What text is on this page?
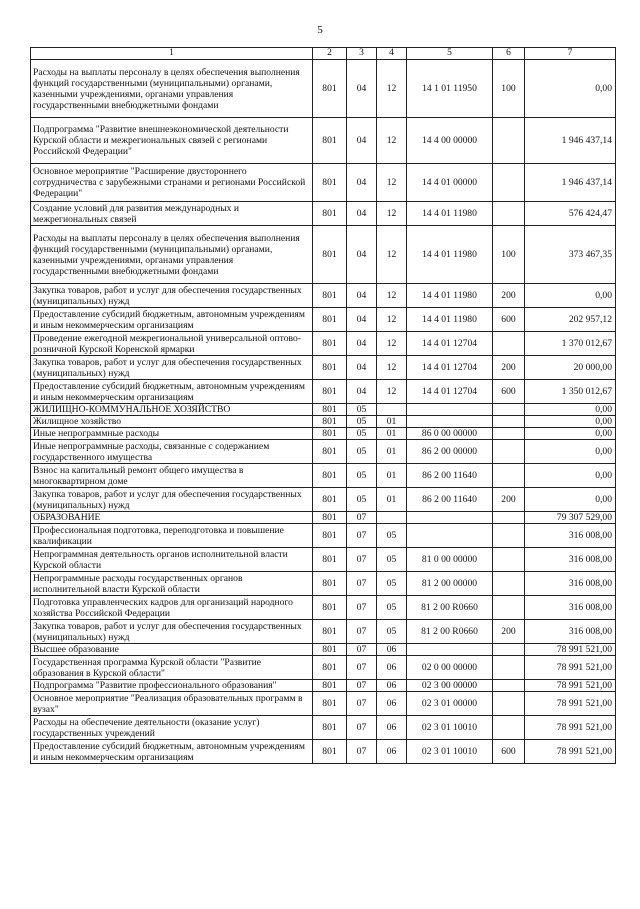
5
1	2	3	4	5	6	7
Расходы на выплаты персоналу в целях обеспечения выполнения функций государственными (муниципальными) органами, казенными учреждениями, органами управления государственными внебюджетными фондами	801	04	12	14 1 01 11950	100	0,00
Подпрограмма "Развитие внешнеэкономической деятельности Курской области и межрегиональных связей с регионами Российской Федерации"	801	04	12	14 4 00 00000		1 946 437,14
Основное мероприятие "Расширение двустороннего сотрудничества с зарубежными странами и регионами Российской Федерации"	801	04	12	14 4 01 00000		1 946 437,14
Создание условий для развития международных и межрегиональных связей	801	04	12	14 4 01 11980		576 424,47
Расходы на выплаты персоналу в целях обеспечения выполнения функций государственными (муниципальными) органами, казенными учреждениями, органами управления государственными внебюджетными фондами	801	04	12	14 4 01 11980	100	373 467,35
Закупка товаров, работ и услуг для обеспечения государственных (муниципальных) нужд	801	04	12	14 4 01 11980	200	0,00
Предоставление субсидий бюджетным, автономным учреждениям и иным некоммерческим организациям	801	04	12	14 4 01 11980	600	202 957,12
Проведение ежегодной межрегиональной универсальной оптово-розничной Курской Коренской ярмарки	801	04	12	14 4 01 12704		1 370 012,67
Закупка товаров, работ и услуг для обеспечения государственных (муниципальных) нужд	801	04	12	14 4 01 12704	200	20 000,00
Предоставление субсидий бюджетным, автономным учреждениям и иным некоммерческим организациям	801	04	12	14 4 01 12704	600	1 350 012,67
ЖИЛИЩНО-КОММУНАЛЬНОЕ ХОЗЯЙСТВО	801	05				0,00
Жилищное хозяйство	801	05	01			0,00
Иные непрограммные расходы	801	05	01	86 0 00 00000		0,00
Иные непрограммные расходы, связанные с содержанием государственного имущества	801	05	01	86 2 00 00000		0,00
Взнос на капитальный ремонт общего имущества в многоквартирном доме	801	05	01	86 2 00 11640		0,00
Закупка товаров, работ и услуг для обеспечения государственных (муниципальных) нужд	801	05	01	86 2 00 11640	200	0,00
ОБРАЗОВАНИЕ	801	07				79 307 529,00
Профессиональная подготовка, переподготовка и повышение квалификации	801	07	05			316 008,00
Непрограммная деятельность органов исполнительной власти Курской области	801	07	05	81 0 00 00000		316 008,00
Непрограммные расходы государственных органов исполнительной власти Курской области	801	07	05	81 2 00 00000		316 008,00
Подготовка управленческих кадров для организаций народного хозяйства Российской Федерации	801	07	05	81 2 00 R0660		316 008,00
Закупка товаров, работ и услуг для обеспечения государственных (муниципальных) нужд	801	07	05	81 2 00 R0660	200	316 008,00
Высшее образование	801	07	06			78 991 521,00
Государственная программа Курской области "Развитие образования в Курской области"	801	07	06	02 0 00 00000		78 991 521,00
Подпрограмма "Развитие профессионального образования"	801	07	06	02 3 00 00000		78 991 521,00
Основное мероприятие "Реализация образовательных программ в вузах"	801	07	06	02 3 01 00000		78 991 521,00
Расходы на обеспечение деятельности (оказание услуг) государственных учреждений	801	07	06	02 3 01 10010		78 991 521,00
Предоставление субсидий бюджетным, автономным учреждениям и иным некоммерческим организациям	801	07	06	02 3 01 10010	600	78 991 521,00
